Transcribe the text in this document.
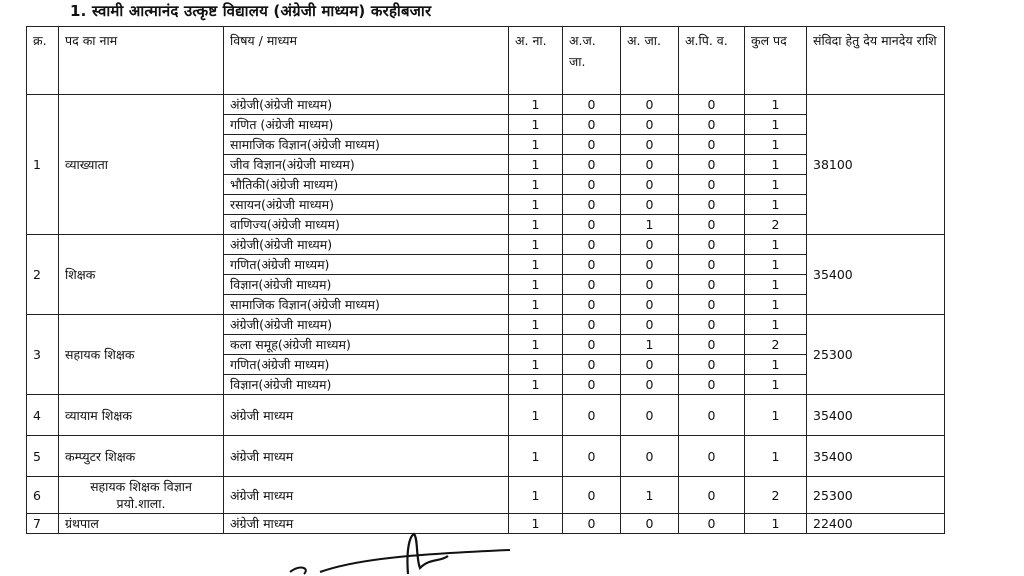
1. स्वामी आत्मानंद उत्कृष्ट विद्यालय (अंग्रेजी माध्यम) करहीबजार
क्र.	पद का नाम	विषय / माध्यम	अ. ना.	अ.ज. जा.	अ. जा.	अ.पि. व.	कुल पद	संविदा हेतु देय मानदेय राशि
1	व्याख्याता	अंग्रेजी(अंग्रेजी माध्यम)	1	0	0	0	1	38100
		गणित (अंग्रेजी माध्यम)	1	0	0	0	1	
		सामाजिक विज्ञान(अंग्रेजी माध्यम)	1	0	0	0	1	
		जीव विज्ञान(अंग्रेजी माध्यम)	1	0	0	0	1	
		भौतिकी(अंग्रेजी माध्यम)	1	0	0	0	1	
		रसायन(अंग्रेजी माध्यम)	1	0	0	0	1	
		वाणिज्य(अंग्रेजी माध्यम)	1	0	1	0	2	
2	शिक्षक	अंग्रेजी(अंग्रेजी माध्यम)	1	0	0	0	1	35400
		गणित(अंग्रेजी माध्यम)	1	0	0	0	1	
		विज्ञान(अंग्रेजी माध्यम)	1	0	0	0	1	
		सामाजिक विज्ञान(अंग्रेजी माध्यम)	1	0	0	0	1	
3	सहायक शिक्षक	अंग्रेजी(अंग्रेजी माध्यम)	1	0	0	0	1	25300
		कला समूह(अंग्रेजी माध्यम)	1	0	1	0	2	
		गणित(अंग्रेजी माध्यम)	1	0	0	0	1	
		विज्ञान(अंग्रेजी माध्यम)	1	0	0	0	1	
4	व्यायाम शिक्षक	अंग्रेजी माध्यम	1	0	0	0	1	35400
5	कम्प्युटर शिक्षक	अंग्रेजी माध्यम	1	0	0	0	1	35400
6	सहायक शिक्षक विज्ञान प्रयो.शाला.	अंग्रेजी माध्यम	1	0	1	0	2	25300
7	ग्रंथपाल	अंग्रेजी माध्यम	1	0	0	0	1	22400
